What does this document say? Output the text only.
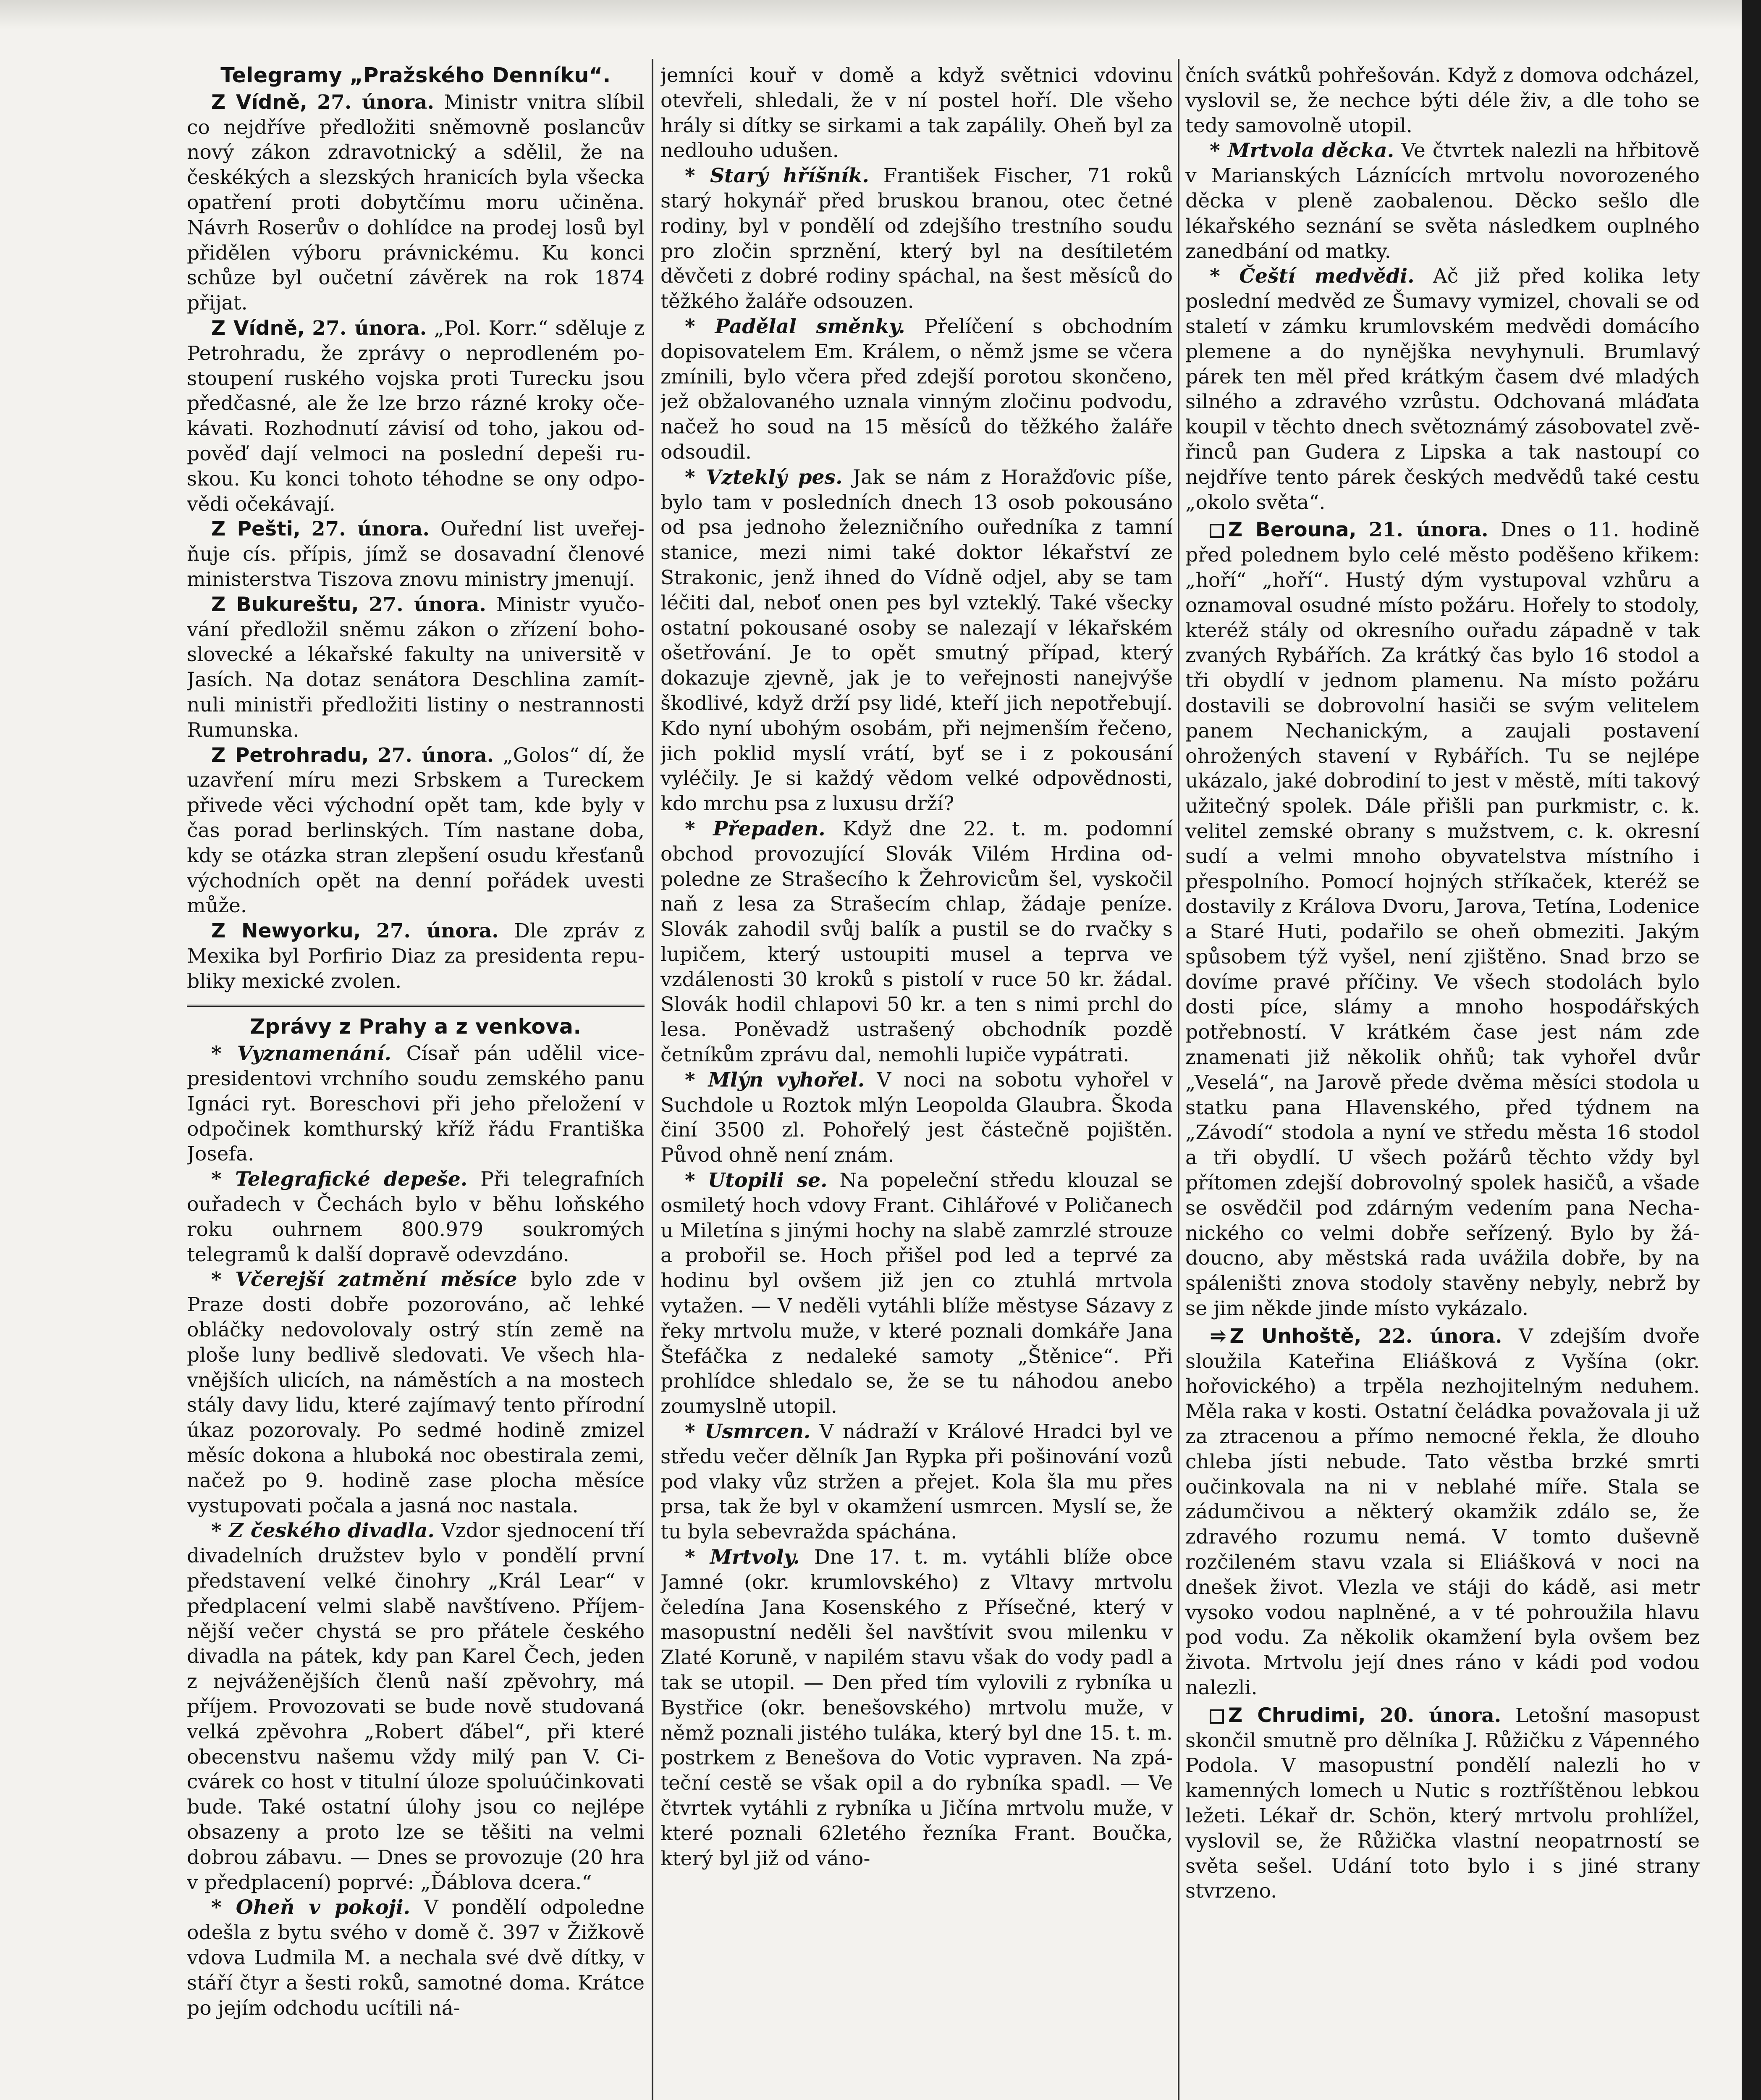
Telegramy „Pražského Denníku“.

Z Vídně, 27. února. Ministr vnitra slíbil co nejdříve předložiti sněmovně poslancův nový zákon zdravotnický a sdělil, že na českékých a slezských hranicích byla všecka opatření proti dobytčímu moru učiněna. Návrh Roserův o dohlídce na prodej losů byl přidělen výboru právnickému. Ku konci schůze byl oučetní závěrek na rok 1874 přijat.

Z Vídně, 27. února. „Pol. Korr.“ sděluje z Petrohradu, že zprávy o neprodleném postoupení ruského vojska proti Turecku jsou předčasné, ale že lze brzo rázné kroky očekávati. Rozhodnutí závisí od toho, jakou odpověď dají velmoci na poslední depeši ruskou. Ku konci tohoto téhodne se ony odpovědi očekávají.

Z Pešti, 27. února. Ouřední list uveřejňuje cís. přípis, jímž se dosavadní členové ministerstva Tiszova znovu ministry jmenují.

Z Bukureštu, 27. února. Ministr vyučování předložil sněmu zákon o zřízení bohoslovecké a lékařské fakulty na universitě v Jasích. Na dotaz senátora Deschlina zamítnuli ministři předložiti listiny o nestrannosti Rumunska.

Z Petrohradu, 27. února. „Golos“ dí, že uzavření míru mezi Srbskem a Tureckem přivede věci východní opět tam, kde byly v čas porad berlinských. Tím nastane doba, kdy se otázka stran zlepšení osudu křesťanů východních opět na denní pořádek uvesti může.

Z Newyorku, 27. února. Dle zpráv z Mexika byl Porfirio Diaz za presidenta republiky mexické zvolen.

Zprávy z Prahy a z venkova.

* Vyznamenání. Císař pán udělil vicepresidentovi vrchního soudu zemského panu Ignáci ryt. Boreschovi při jeho přeložení v odpočinek komthurský kříž řádu Františka Josefa.

* Telegrafické depeše. Při telegrafních ouřadech v Čechách bylo v běhu loňského roku ouhrnem 800.979 soukromých telegramů k další dopravě odevzdáno.

* Včerejší zatmění měsíce bylo zde v Praze dosti dobře pozorováno, ač lehké obláčky nedovolovaly ostrý stín země na ploše luny bedlivě sledovati. Ve všech hlavnějších ulicích, na náměstích a na mostech stály davy lidu, které zajímavý tento přírodní úkaz pozorovaly. Po sedmé hodině zmizel měsíc dokona a hluboká noc obestirala zemi, načež po 9. hodině zase plocha měsíce vystupovati počala a jasná noc nastala.

* Z českého divadla. Vzdor sjednocení tří divadelních družstev bylo v pondělí první představení velké činohry „Král Lear“ v předplacení velmi slabě navštíveno. Příjemnější večer chystá se pro přátele českého divadla na pátek, kdy pan Karel Čech, jeden z nejváženějších členů naší zpěvohry, má příjem. Provozovati se bude nově studovaná velká zpěvohra „Robert ďábel“, při které obecenstvu našemu vždy milý pan V. Cicvárek co host v titulní úloze spoluúčinkovati bude. Také ostatní úlohy jsou co nejlépe obsazeny a proto lze se těšiti na velmi dobrou zábavu. — Dnes se provozuje (20 hra v předplacení) poprvé: „Ďáblova dcera.“

* Oheň v pokoji. V pondělí odpoledne odešla z bytu svého v domě č. 397 v Žižkově vdova Ludmila M. a nechala své dvě dítky, v stáří čtyr a šesti roků, samotné doma. Krátce po jejím odchodu ucítili ná-

jemníci kouř v domě a když světnici vdovinu otevřeli, shledali, že v ní postel hoří. Dle všeho hrály si dítky se sirkami a tak zapálily. Oheň byl za nedlouho udušen.

* Starý hříšník. František Fischer, 71 roků starý hokynář před bruskou branou, otec četné rodiny, byl v pondělí od zdejšího trestního soudu pro zločin sprznění, který byl na desítiletém děvčeti z dobré rodiny spáchal, na šest měsíců do těžkého žaláře odsouzen.

* Padělal směnky. Přelíčení s obchodním dopisovatelem Em. Králem, o němž jsme se včera zmínili, bylo včera před zdejší porotou skončeno, jež obžalovaného uznala vinným zločinu podvodu, načež ho soud na 15 měsíců do těžkého žaláře odsoudil.

* Vzteklý pes. Jak se nám z Horažďovic píše, bylo tam v posledních dnech 13 osob pokousáno od psa jednoho železničního ouředníka z tamní stanice, mezi nimi také doktor lékařství ze Strakonic, jenž ihned do Vídně odjel, aby se tam léčiti dal, neboť onen pes byl vzteklý. Také všecky ostatní pokousané osoby se nalezají v lékařském ošetřování. Je to opět smutný případ, který dokazuje zjevně, jak je to veřejnosti nanejvýše škodlivé, když drží psy lidé, kteří jich nepotřebují. Kdo nyní ubohým osobám, při nejmenším řečeno, jich poklid myslí vrátí, byť se i z pokousání vyléčily. Je si každý vědom velké odpovědnosti, kdo mrchu psa z luxusu drží?

* Přepaden. Když dne 22. t. m. podomní obchod provozující Slovák Vilém Hrdina odpoledne ze Strašecího k Žehrovicům šel, vyskočil naň z lesa za Strašecím chlap, žádaje peníze. Slovák zahodil svůj balík a pustil se do rvačky s lupičem, který ustoupiti musel a teprva ve vzdálenosti 30 kroků s pistolí v ruce 50 kr. žádal. Slovák hodil chlapovi 50 kr. a ten s nimi prchl do lesa. Poněvadž ustrašený obchodník pozdě četníkům zprávu dal, nemohli lupiče vypátrati.

* Mlýn vyhořel. V noci na sobotu vyhořel v Suchdole u Roztok mlýn Leopolda Glaubra. Škoda činí 3500 zl. Pohořelý jest částečně pojištěn. Původ ohně není znám.

* Utopili se. Na popeleční středu klouzal se osmiletý hoch vdovy Frant. Cihlářové v Poličanech u Miletína s jinými hochy na slabě zamrzlé strouze a probořil se. Hoch přišel pod led a teprvé za hodinu byl ovšem již jen co ztuhlá mrtvola vytažen. — V neděli vytáhli blíže městyse Sázavy z řeky mrtvolu muže, v které poznali domkáře Jana Štefáčka z nedaleké samoty „Štěnice“. Při prohlídce shledalo se, že se tu náhodou anebo zoumyslně utopil.

* Usmrcen. V nádraží v Králové Hradci byl ve středu večer dělník Jan Rypka při pošinování vozů pod vlaky vůz stržen a přejet. Kola šla mu přes prsa, tak že byl v okamžení usmrcen. Myslí se, že tu byla sebevražda spáchána.

* Mrtvoly. Dne 17. t. m. vytáhli blíže obce Jamné (okr. krumlovského) z Vltavy mrtvolu čeledína Jana Kosenského z Přísečné, který v masopustní neděli šel navštívit svou milenku v Zlaté Koruně, v napilém stavu však do vody padl a tak se utopil. — Den před tím vylovili z rybníka u Bystřice (okr. benešovského) mrtvolu muže, v němž poznali jistého tuláka, který byl dne 15. t. m. postrkem z Benešova do Votic vypraven. Na zpáteční cestě se však opil a do rybníka spadl. — Ve čtvrtek vytáhli z rybníka u Jičína mrtvolu muže, v které poznali 62letého řezníka Frant. Boučka, který byl již od váno-

čních svátků pohřešován. Když z domova odcházel, vyslovil se, že nechce býti déle živ, a dle toho se tedy samovolně utopil.

* Mrtvola děcka. Ve čtvrtek nalezli na hřbitově v Marianských Láznících mrtvolu novorozeného děcka v pleně zaobalenou. Děcko sešlo dle lékařského seznání se světa následkem ouplného zanedbání od matky.

* Čeští medvědi. Ač již před kolika lety poslední medvěd ze Šumavy vymizel, chovali se od staletí v zámku krumlovském medvědi domácího plemene a do nynějška nevyhynuli. Brumlavý párek ten měl před krátkým časem dvé mladých silného a zdravého vzrůstu. Odchovaná mláďata koupil v těchto dnech světoznámý zásobovatel zvěřinců pan Gudera z Lipska a tak nastoupí co nejdříve tento párek českých medvědů také cestu „okolo světa“.

Z Berouna, 21. února. Dnes o 11. hodině před polednem bylo celé město poděšeno křikem: „hoří“ „hoří“. Hustý dým vystupoval vzhůru a oznamoval osudné místo požáru. Hořely to stodoly, kteréž stály od okresního ouřadu západně v tak zvaných Rybářích. Za krátký čas bylo 16 stodol a tři obydlí v jednom plamenu. Na místo požáru dostavili se dobrovolní hasiči se svým velitelem panem Nechanickým, a zaujali postavení ohrožených stavení v Rybářích. Tu se nejlépe ukázalo, jaké dobrodiní to jest v městě, míti takový užitečný spolek. Dále přišli pan purkmistr, c. k. velitel zemské obrany s mužstvem, c. k. okresní sudí a velmi mnoho obyvatelstva místního i přespolního. Pomocí hojných stříkaček, kteréž se dostavily z Králova Dvoru, Jarova, Tetína, Lodenice a Staré Huti, podařilo se oheň obmeziti. Jakým spůsobem týž vyšel, není zjištěno. Snad brzo se dovíme pravé příčiny. Ve všech stodolách bylo dosti píce, slámy a mnoho hospodářských potřebností. V krátkém čase jest nám zde znamenati již několik ohňů; tak vyhořel dvůr „Veselá“, na Jarově přede dvěma měsíci stodola u statku pana Hlavenského, před týdnem na „Závodí“ stodola a nyní ve středu města 16 stodol a tři obydlí. U všech požárů těchto vždy byl přítomen zdejší dobrovolný spolek hasičů, a všade se osvědčil pod zdárným vedením pana Nechanického co velmi dobře seřízený. Bylo by žádoucno, aby městská rada uvážila dobře, by na spáleništi znova stodoly stavěny nebyly, nebrž by se jim někde jinde místo vykázalo.

⥤ Z Unhoště, 22. února. V zdejším dvoře sloužila Kateřina Eliášková z Vyšína (okr. hořovického) a trpěla nezhojitelným neduhem. Měla raka v kosti. Ostatní čeládka považovala ji už za ztracenou a přímo nemocné řekla, že dlouho chleba jísti nebude. Tato věstba brzké smrti oučinkovala na ni v neblahé míře. Stala se zádumčivou a některý okamžik zdálo se, že zdravého rozumu nemá. V tomto duševně rozčileném stavu vzala si Eliášková v noci na dnešek život. Vlezla ve stáji do kádě, asi metr vysoko vodou naplněné, a v té pohroužila hlavu pod vodu. Za několik okamžení byla ovšem bez života. Mrtvolu její dnes ráno v kádi pod vodou nalezli.

Z Chrudimi, 20. února. Letošní masopust skončil smutně pro dělníka J. Růžičku z Vápenného Podola. V masopustní pondělí nalezli ho v kamenných lomech u Nutic s roztříštěnou lebkou ležeti. Lékař dr. Schön, který mrtvolu prohlížel, vyslovil se, že Růžička vlastní neopatrností se světa sešel. Udání toto bylo i s jiné strany stvrzeno.
